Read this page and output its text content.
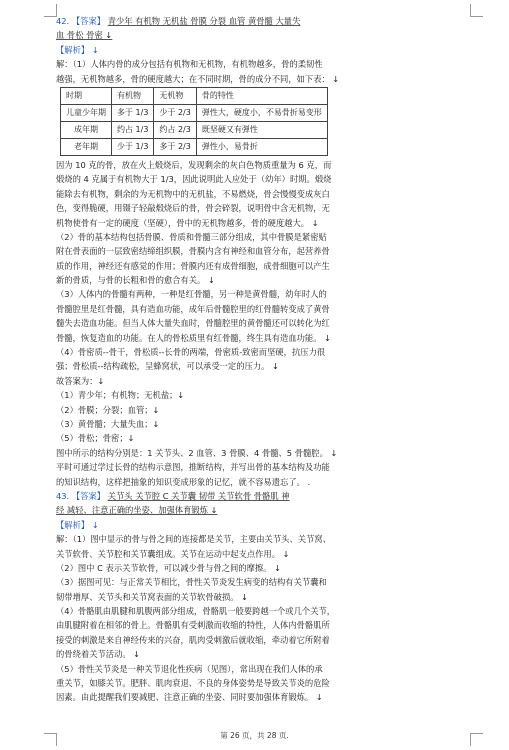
42. 【答案】 青少年 有机物 无机盐 骨膜 分裂 血管 黄骨髓 大量失
血 骨松 骨密 ↓
【解析】 ↓
解：（1）人体内骨的成分包括有机物和无机物，有机物越多，骨的柔韧性
越强，无机物越多，骨的硬度越大；在不同时期，骨的成分不同，如下表： ↓
时期	有机物	无机物	骨的特性
儿童少年期	多于 1/3	少于 2/3	弹性大，硬度小，不易骨折易变形
成年期	约占 1/3	约占 2/3	既坚硬又有弹性
老年期	少于 1/3	多于 2/3	弹性小，易骨折
因为 10 克的骨，放在火上煅烧后，发现剩余的灰白色物质重量为 6 克，而
煅烧的 4 克属于有机物大于 1/3，因此说明此人应处于（幼年）时期。煅烧
能除去有机物，剩余的为无机物中的无机盐，不易燃烧，骨会慢慢变成灰白
色，变得脆硬，用镊子轻敲煅烧后的骨，骨会碎裂，说明骨中含无机物，无
机物使骨有一定的硬度（坚硬），骨中的无机物越多，骨的硬度越大。 ↓
（2）骨的基本结构包括骨膜、骨质和骨髓三部分组成，其中骨膜是紧密贴
附在骨表面的一层致密结缔组织膜，骨膜内含有神经和血管分布，起营养骨
质的作用，神经还有感觉的作用；骨膜内还有成骨细胞，成骨细胞可以产生
新的骨质，与骨的长粗和骨的愈合有关。 ↓
（3）人体内的骨髓有两种，一种是红骨髓，另一种是黄骨髓，幼年时人的
骨髓腔里是红骨髓，具有造血功能，成年后骨髓腔里的红骨髓转变成了黄骨
髓失去造血功能。但当人体大量失血时，骨髓腔里的黄骨髓还可以转化为红
骨髓，恢复造血的功能。在人的骨松质里有红骨髓，终生具有造血功能。 ↓
（4）骨密质--骨干，骨松质--长骨的两端，骨密质-致密而坚硬，抗压力很
强；骨松质--结构疏松，呈蜂窝状，可以承受一定的压力。 ↓
故答案为：↓
（1）青少年；有机物；无机盐；↓
（2）骨膜；分裂；血管；↓
（3）黄骨髓；大量失血；↓
（5）骨松；骨密；↓
图中所示的结构分别是：1 关节头、2 血管、3 骨膜、4 骨髓、5 骨髓腔。 ↓
平时可通过学过长骨的结构示意图，推断结构，并写出骨的基本结构及功能
的知识结构，这样把抽象的知识变成形象的记忆，就不容易遗忘了。 .
43. 【答案】 关节头 关节腔 C 关节囊 韧带 关节软骨 骨骼肌 神
经 减轻、注意正确的坐姿、加强体育锻炼 ↓
【解析】 ↓
解：（1）图中显示的骨与骨之间的连接都是关节，主要由关节头、关节窝、
关节软骨、关节腔和关节囊组成。关节在运动中起支点作用。 ↓
（2）图中 C 表示关节软骨，可以减少骨与骨之间的摩擦。 ↓
（3）据图可见：与正常关节相比，骨性关节炎发生病变的结构有关节囊和
韧带增厚、关节头和关节窝表面的关节软骨破损。 ↓
（4）骨骼肌由肌腱和肌腹两部分组成，骨骼肌一般要跨越一个或几个关节，
由肌腱附着在相邻的骨上。骨骼肌有受刺激而收缩的特性，人体内骨骼肌所
接受的刺激是来自神经传来的兴奋，肌肉受刺激后就收缩，牵动着它所附着
的骨绕着关节活动。 ↓
（5）骨性关节炎是一种关节退化性疾病（见图），常出现在我们人体的承
重关节，如膝关节。肥胖、肌肉衰退、不良的身体姿势是导致关节炎的危险
因素。由此提醒我们要减肥、注意正确的坐姿、同时要加强体育锻炼。 ↓
第 26 页，共 28 页.
